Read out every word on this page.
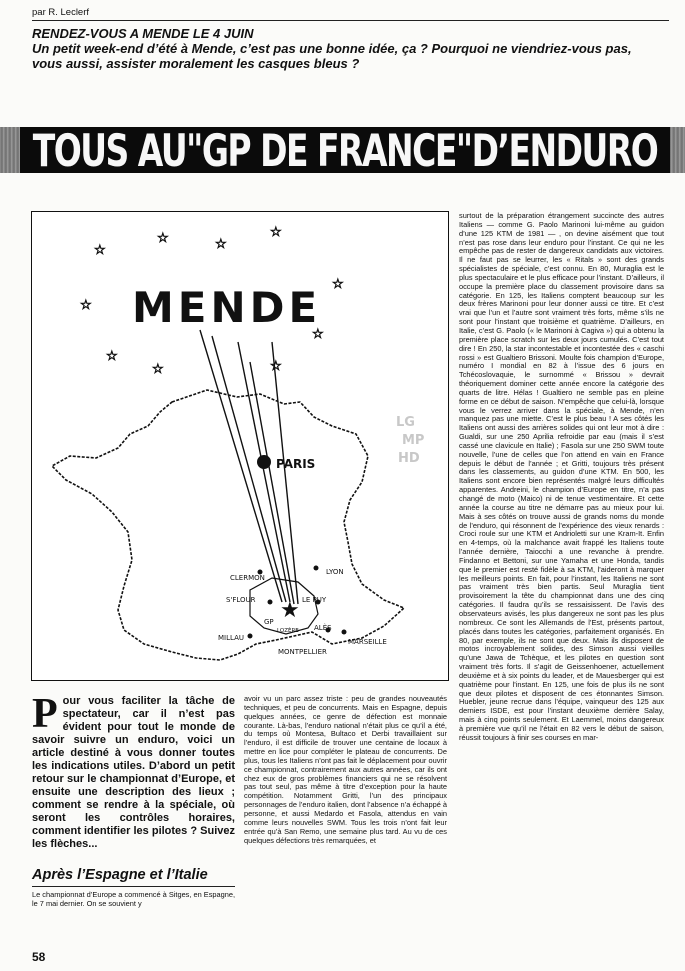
par R. Leclerf
RENDEZ-VOUS A MENDE LE 4 JUIN
Un petit week-end d’été à Mende, c’est pas une bonne idée, ça ? Pourquoi ne viendriez-vous pas, vous aussi, assister moralement les casques bleus ?
TOUS AU"GP DE FRANCE"D’ENDURO
☆	☆
☆
☆
☆
☆
☆
☆
☆	☆
MENDE
PARIS
★
CLERMON
LYON
S'FLOUR	LE PUY
MILLAU
GP
LOZÈRE ALÈS
MONTPELLIER
MARSEILLE
LG
MP
HD
P our vous faciliter la tâche de spectateur, car il n’est pas évident pour tout le monde de savoir suivre un enduro, voici un article destiné à vous donner toutes les indications utiles. D’abord un petit retour sur le championnat d’Europe, et ensuite une description des lieux ; comment se rendre à la spéciale, où seront les contrôles horaires, comment identifier les pilotes ? Suivez les flèches...
Après l’Espagne et l’Italie

Le championnat d’Europe a commencé à Sitges, en Espagne, le 7 mai dernier. On se souvient y

avoir vu un parc assez triste : peu de grandes nouveautés techniques, et peu de concurrents. Mais en Espagne, depuis quelques années, ce genre de défection est monnaie courante. Là-bas, l’enduro national n’était plus ce qu’il a été, du temps où Montesa, Bultaco et Derbi travaillaient sur l’enduro, il est difficile de trouver une centaine de locaux à mettre en lice pour compléter le plateau de concurrents. De plus, tous les Italiens n’ont pas fait le déplacement pour ouvrir ce championnat, contrairement aux autres années, car ils ont chez eux de gros problèmes financiers qui ne se résolvent pas tout seul, pas même à titre d’exception pour la haute compétition. Notamment Gritti, l’un des principaux personnages de l’enduro italien, dont l’absence n’a échappé à personne, et aussi Medardo et Fasola, attendus en vain comme leurs nouvelles SWM. Tous les trois n’ont fait leur entrée qu’à San Remo, une semaine plus tard. Au vu de ces quelques défections très remarquées, et

surtout de la préparation étrangement succincte des autres Italiens — comme G. Paolo Marinoni lui-même au guidon d’une 125 KTM de 1981 — , on devine aisément que tout n’est pas rose dans leur enduro pour l’instant. Ce qui ne les empêche pas de rester de dangereux candidats aux victoires. Il ne faut pas se leurrer, les « Ritals » sont des grands spécialistes de spéciale, c’est connu. En 80, Muraglia est le plus spectaculaire et le plus efficace pour l’instant. D’ailleurs, il occupe la première place du classement provisoire dans sa catégorie. En 125, les Italiens comptent beaucoup sur les deux frères Marinoni pour leur donner aussi ce titre. Et c’est vrai que l’un et l’autre sont vraiment très forts, même s’ils ne sont pour l’instant que troisième et quatrième. D’ailleurs, en Italie, c’est G. Paolo (« le Marinoni à Cagiva ») qui a obtenu la première place scratch sur les deux jours cumulés. C’est tout dire ! En 250, la star incontestable et incontestée des « caschi rossi » est Gualtiero Brissoni. Moulte fois champion d’Europe, numéro I mondial en 82 à l’issue des 6 jours en Tchécoslovaquie, le surnommé « Brissou » devrait théoriquement dominer cette année encore la catégorie des quarts de litre. Hélas ! Gualtiero ne semble pas en pleine forme en ce début de saison. N’empêche que celui-là, lorsque vous le verrez arriver dans la spéciale, à Mende, n’en manquez pas une miette. C’est le plus beau ! A ses côtés les Italiens ont aussi des arrières solides qui ont leur mot à dire : Gualdi, sur une 250 Aprilia refroidie par eau (mais il s’est cassé une clavicule en Italie) ; Fasola sur une 250 SWM toute nouvelle, l’une de celles que l’on attend en vain en France depuis le début de l’année ; et Gritti, toujours très présent dans les classements, au guidon d’une KTM. En 500, les Italiens sont encore bien représentés malgré leurs difficultés apparentes. Andreini, le champion d’Europe en titre, n’a pas changé de moto (Maico) ni de tenue vestimentaire. Et cette année la course au titre ne démarre pas au mieux pour lui. Mais à ses côtés on trouve aussi de grands noms du monde de l’enduro, qui résonnent de l’expérience des vieux renards : Croci roule sur une KTM et Andrioletti sur une Kram-It. Enfin en 4-temps, où la malchance avait frappé les Italiens toute l’année dernière, Taiocchi a une revanche à prendre. Findanno et Bettoni, sur une Yamaha et une Honda, tandis que le premier est resté fidèle à sa KTM, l’aideront à marquer les meilleurs points. En fait, pour l’instant, les Italiens ne sont pas vraiment très bien partis. Seul Muraglia tient provisoirement la tête du championnat dans une des cinq catégories. Il faudra qu’ils se ressaisissent. De l’avis des observateurs avisés, les plus dangereux ne sont pas les plus nombreux. Ce sont les Allemands de l’Est, présents partout, placés dans toutes les catégories, parfaitement organisés. En 80, par exemple, ils ne sont que deux. Mais ils disposent de motos incroyablement solides, des Simson aussi vieilles qu’une Jawa de Tchèque, et les pilotes en question sont vraiment très forts. Il s’agit de Geissenhoener, actuellement deuxième et à six points du leader, et de Mauesberger qui est quatrième pour l’instant. En 125, une fois de plus ils ne sont que deux pilotes et disposent de ces étonnantes Simson. Huebler, jeune recrue dans l’équipe, vainqueur des 125 aux derniers ISDE, est pour l’instant deuxième derrière Salay, mais à cinq points seulement. Et Laemmel, moins dangereux à première vue qu’il ne l’était en 82 vers le début de saison, réussit toujours à finir ses courses en mar-

58
